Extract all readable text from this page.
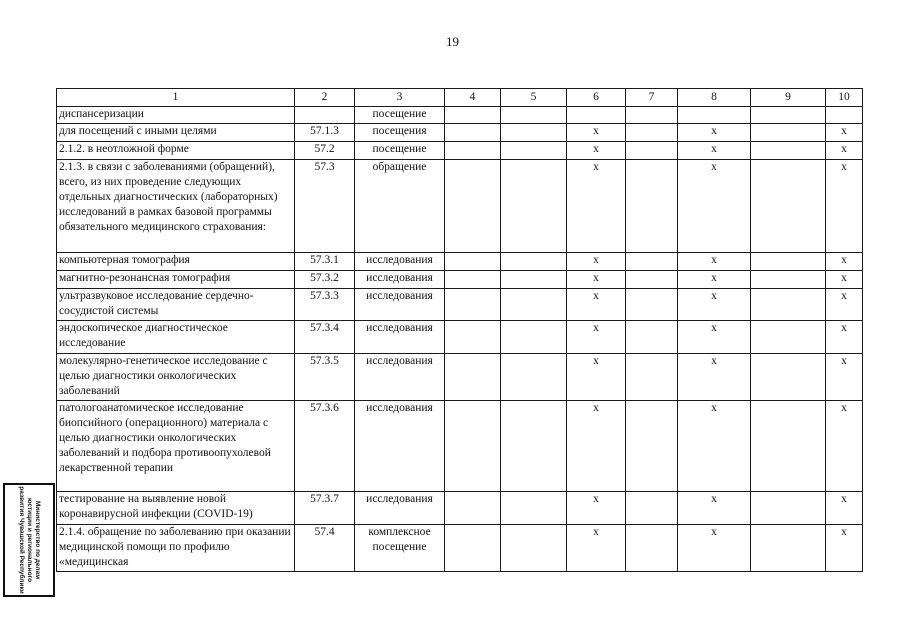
19
1	2	3	4	5	6	7	8	9	10
диспансеризации		посещение							
для посещений с иными целями	57.1.3	посещения			x		x		x
2.1.2. в неотложной форме	57.2	посещение			x		x		x
2.1.3. в связи с заболеваниями (обращений), всего, из них проведение следующих отдельных диагностических (лабораторных) исследований в рамках базовой программы обязательного медицинского страхования:	57.3	обращение			x		x		x
компьютерная томография	57.3.1	исследования			x		x		x
магнитно-резонансная томография	57.3.2	исследования			x		x		x
ультразвуковое исследование сердечно-сосудистой системы	57.3.3	исследования			x		x		x
эндоскопическое диагностическое исследование	57.3.4	исследования			x		x		x
молекулярно-генетическое исследование с целью диагностики онкологических заболеваний	57.3.5	исследования			x		x		x
патологоанатомическое исследование биопсийного (операционного) материала с целью диагностики онкологических заболеваний и подбора противоопухолевой лекарственной терапии	57.3.6	исследования			x		x		x
тестирование на выявление новой коронавирусной инфекции (COVID-19)	57.3.7	исследования			x		x		x
2.1.4. обращение по заболеванию при оказании медицинской помощи по профилю «медицинская	57.4	комплексное посещение			x		x		x
Министерство по делам
юстиции и регионального
развития Чувашской Республики
